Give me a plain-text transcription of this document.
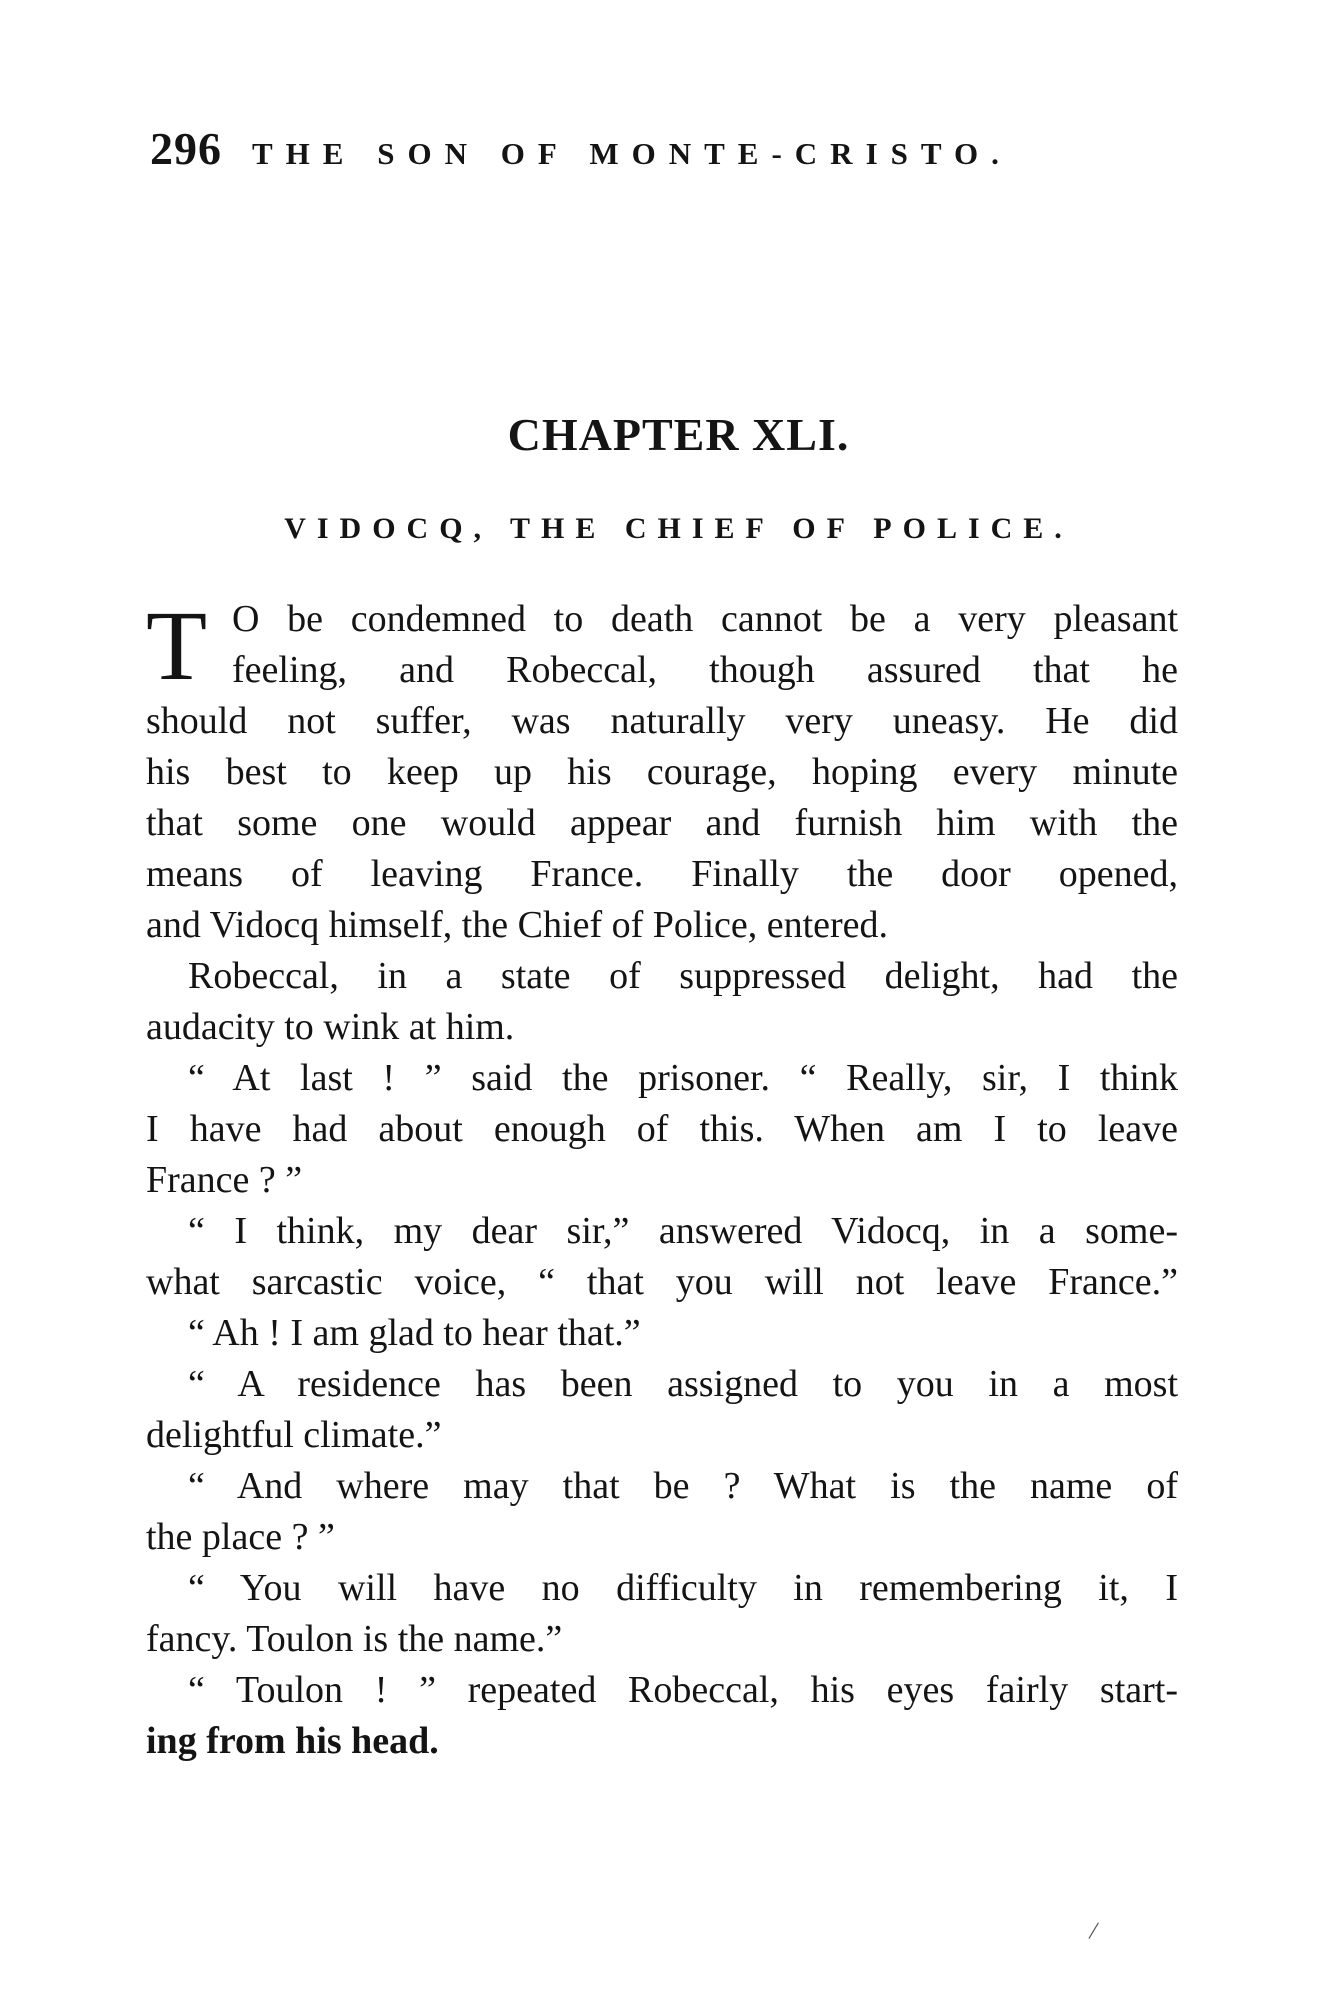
296 THE SON OF MONTE-CRISTO.
CHAPTER XLI.
VIDOCQ, THE CHIEF OF POLICE.
T O be condemned to death cannot be a very pleasant
feeling, and Robeccal, though assured that he
should not suffer, was naturally very uneasy. He did
his best to keep up his courage, hoping every minute
that some one would appear and furnish him with the
means of leaving France. Finally the door opened,
and Vidocq himself, the Chief of Police, entered.
Robeccal, in a state of suppressed delight, had the
audacity to wink at him.
“ At last ! ” said the prisoner. “ Really, sir, I think
I have had about enough of this. When am I to leave
France ? ”
“ I think, my dear sir,” answered Vidocq, in a some-
what sarcastic voice, “ that you will not leave France.”
“ Ah ! I am glad to hear that.”
“ A residence has been assigned to you in a most
delightful climate.”
“ And where may that be ? What is the name of
the place ? ”
“ You will have no difficulty in remembering it, I
fancy. Toulon is the name.”
“ Toulon ! ” repeated Robeccal, his eyes fairly start-
ing from his head.
/
